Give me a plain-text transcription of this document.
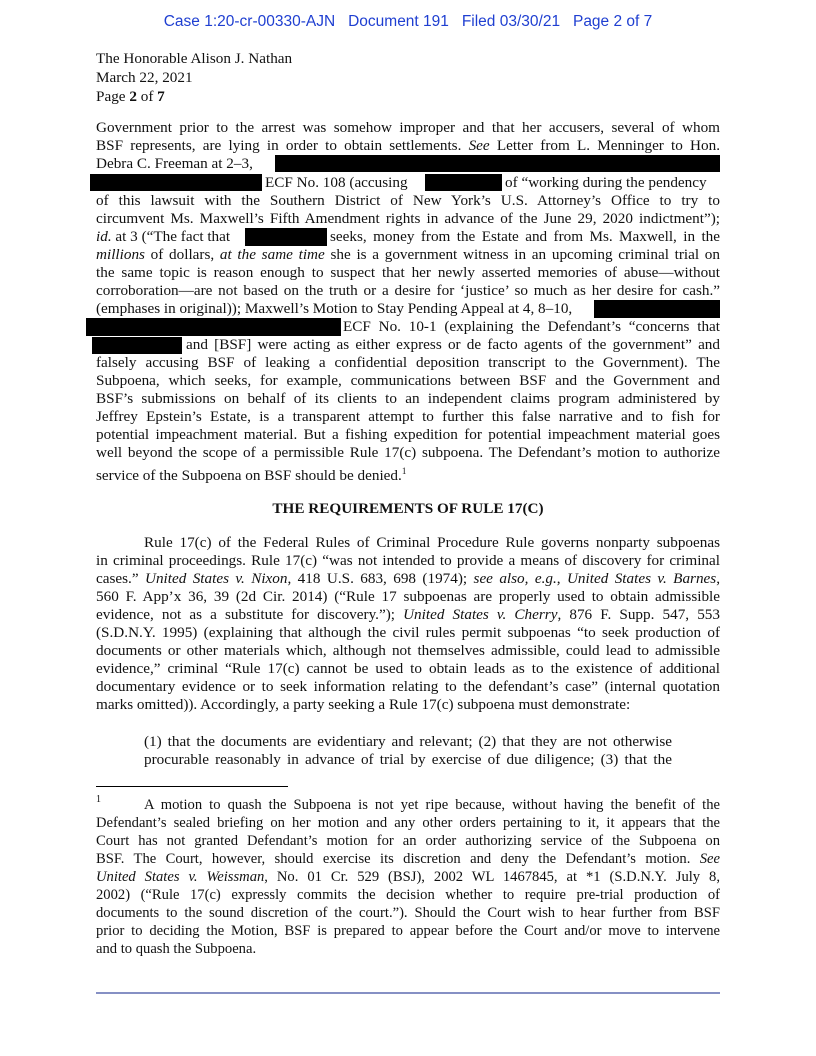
Case 1:20-cr-00330-AJN   Document 191   Filed 03/30/21   Page 2 of 7
The Honorable Alison J. Nathan
March 22, 2021
Page 2 of 7
Government prior to the arrest was somehow improper and that her accusers, several of whom
BSF represents, are lying in order to obtain settlements. See Letter from L. Menninger to Hon.
Debra C. Freeman at 2–3,
ECF No. 108 (accusing	of “working during the pendency
of this lawsuit with the Southern District of New York’s U.S. Attorney’s Office to try to
circumvent Ms. Maxwell’s Fifth Amendment rights in advance of the June 29, 2020 indictment”);
id. at 3 (“The fact that	seeks, money from the Estate and from Ms. Maxwell, in the
millions of dollars, at the same time she is a government witness in an upcoming criminal trial on
the same topic is reason enough to suspect that her newly asserted memories of abuse—without
corroboration—are not based on the truth or a desire for ‘justice’ so much as her desire for cash.”
(emphases in original)); Maxwell’s Motion to Stay Pending Appeal at 4, 8–10,
ECF No. 10-1 (explaining the Defendant’s “concerns that
and [BSF] were acting as either express or de facto agents of the government” and
falsely accusing BSF of leaking a confidential deposition transcript to the Government). The
Subpoena, which seeks, for example, communications between BSF and the Government and
BSF’s submissions on behalf of its clients to an independent claims program administered by
Jeffrey Epstein’s Estate, is a transparent attempt to further this false narrative and to fish for
potential impeachment material. But a fishing expedition for potential impeachment material goes
well beyond the scope of a permissible Rule 17(c) subpoena. The Defendant’s motion to authorize
service of the Subpoena on BSF should be denied.$^1$
THE REQUIREMENTS OF RULE 17(C)
Rule 17(c) of the Federal Rules of Criminal Procedure Rule governs nonparty subpoenas
in criminal proceedings. Rule 17(c) “was not intended to provide a means of discovery for criminal
cases.” United States v. Nixon, 418 U.S. 683, 698 (1974); see also, e.g., United States v. Barnes,
560 F. App’x 36, 39 (2d Cir. 2014) (“Rule 17 subpoenas are properly used to obtain admissible
evidence, not as a substitute for discovery.”); United States v. Cherry, 876 F. Supp. 547, 553
(S.D.N.Y. 1995) (explaining that although the civil rules permit subpoenas “to seek production of
documents or other materials which, although not themselves admissible, could lead to admissible
evidence,” criminal “Rule 17(c) cannot be used to obtain leads as to the existence of additional
documentary evidence or to seek information relating to the defendant’s case” (internal quotation
marks omitted)). Accordingly, a party seeking a Rule 17(c) subpoena must demonstrate:
(1) that the documents are evidentiary and relevant; (2) that they are not otherwise
procurable reasonably in advance of trial by exercise of due diligence; (3) that the
1	A motion to quash the Subpoena is not yet ripe because, without having the benefit of the
Defendant’s sealed briefing on her motion and any other orders pertaining to it, it appears that the
Court has not granted Defendant’s motion for an order authorizing service of the Subpoena on
BSF. The Court, however, should exercise its discretion and deny the Defendant’s motion. See
United States v. Weissman, No. 01 Cr. 529 (BSJ), 2002 WL 1467845, at *1 (S.D.N.Y. July 8,
2002) (“Rule 17(c) expressly commits the decision whether to require pre-trial production of
documents to the sound discretion of the court.”). Should the Court wish to hear further from BSF
prior to deciding the Motion, BSF is prepared to appear before the Court and/or move to intervene
and to quash the Subpoena.
